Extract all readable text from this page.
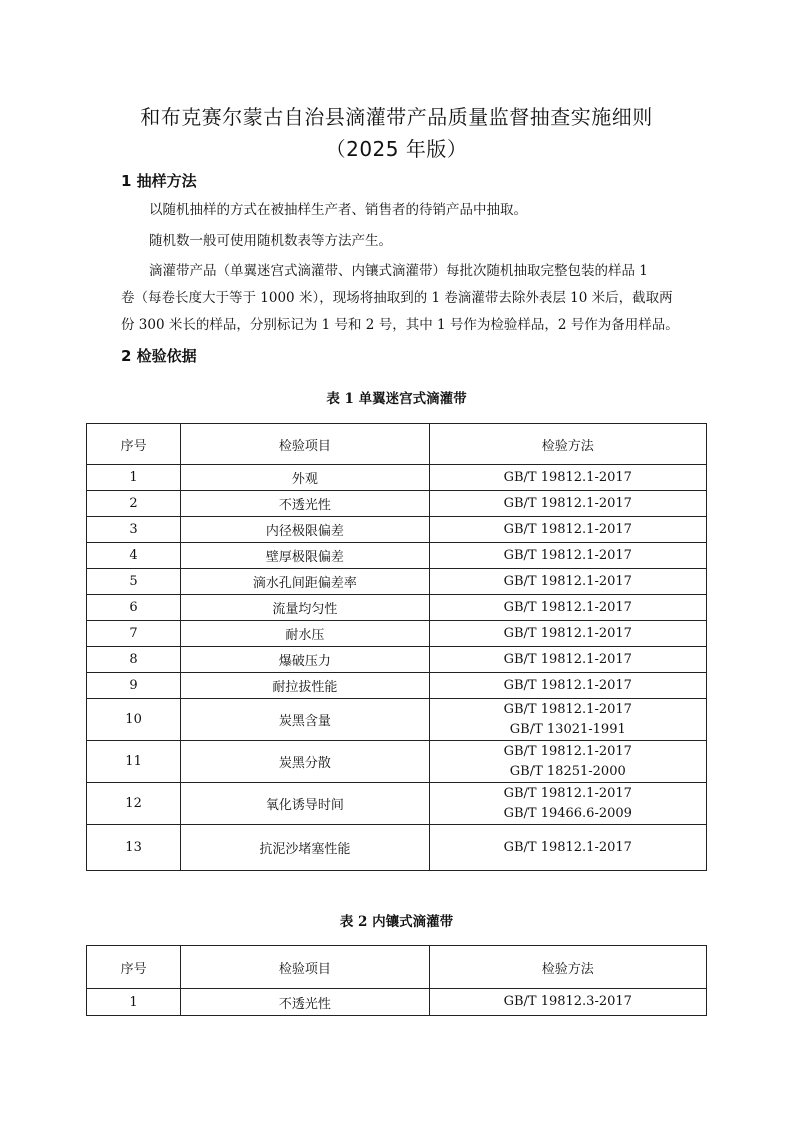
和布克赛尔蒙古自治县滴灌带产品质量监督抽查实施细则
（2025 年版）
1 抽样方法
以随机抽样的方式在被抽样生产者、销售者的待销产品中抽取。
随机数一般可使用随机数表等方法产生。
滴灌带产品（单翼迷宫式滴灌带、内镶式滴灌带）每批次随机抽取完整包装的样品 1
卷（每卷长度大于等于 1000 米），现场将抽取到的 1 卷滴灌带去除外表层 10 米后，截取两
份 300 米长的样品，分别标记为 1 号和 2 号，其中 1 号作为检验样品，2 号作为备用样品。
2 检验依据
表 1 单翼迷宫式滴灌带
序号	检验项目	检验方法
1	外观	GB/T 19812.1-2017

2	不透光性	GB/T 19812.1-2017

3	内径极限偏差	GB/T 19812.1-2017

4	壁厚极限偏差	GB/T 19812.1-2017

5	滴水孔间距偏差率	GB/T 19812.1-2017

6	流量均匀性	GB/T 19812.1-2017

7	耐水压	GB/T 19812.1-2017

8	爆破压力	GB/T 19812.1-2017

9	耐拉拔性能	GB/T 19812.1-2017

10	炭黑含量	GB/T 19812.1-2017
GB/T 13021-1991

11	炭黑分散	GB/T 19812.1-2017
GB/T 18251-2000

12	氧化诱导时间	GB/T 19812.1-2017
GB/T 19466.6-2009

13	抗泥沙堵塞性能	GB/T 19812.1-2017
表 2 内镶式滴灌带
序号	检验项目	检验方法
1	不透光性	GB/T 19812.3-2017
